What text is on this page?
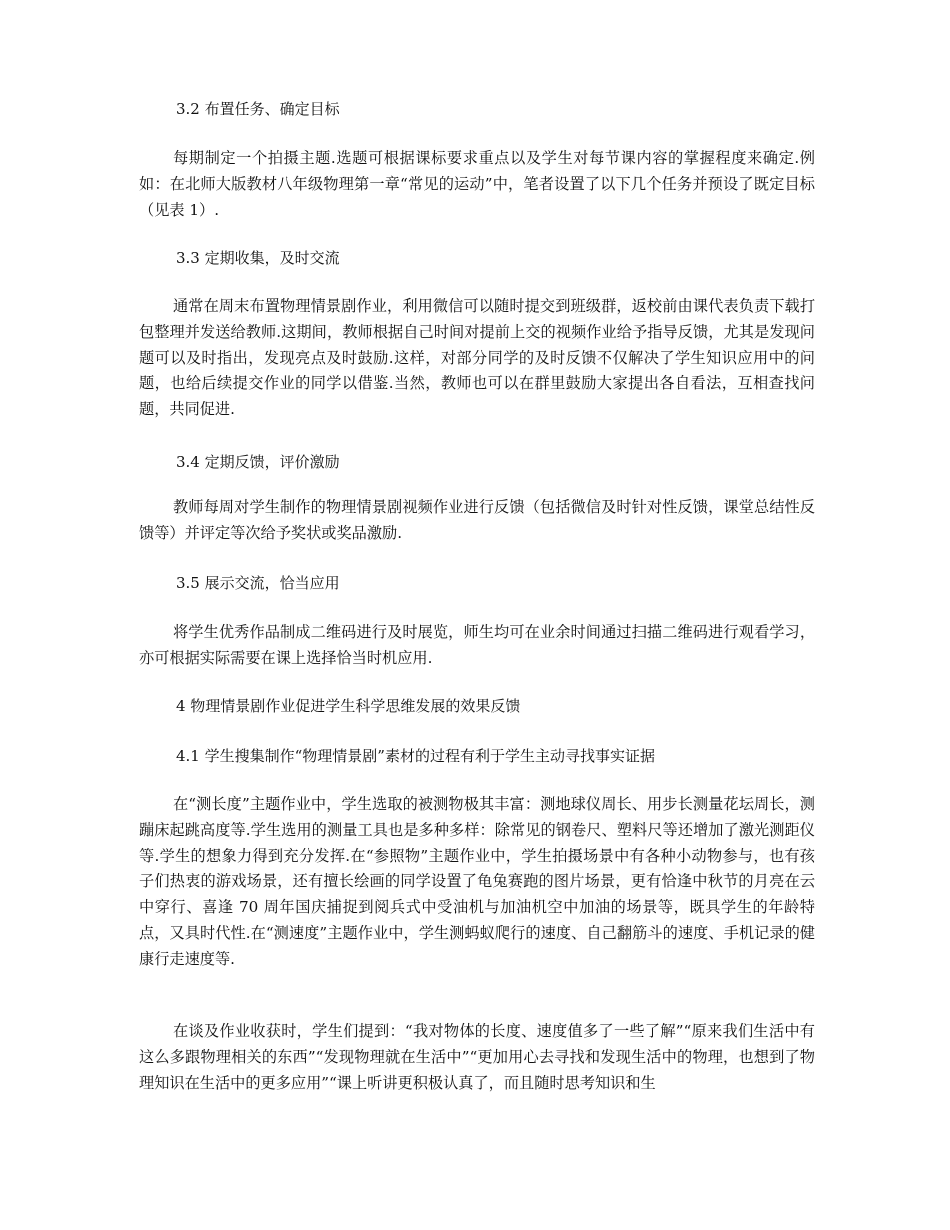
3.2 布置任务、确定目标

每期制定一个拍摄主题.选题可根据课标要求重点以及学生对每节课内容的掌握程度来确定.例如：在北师大版教材八年级物理第一章“常见的运动”中，笔者设置了以下几个任务并预设了既定目标（见表 1）.

3.3 定期收集，及时交流

通常在周末布置物理情景剧作业，利用微信可以随时提交到班级群，返校前由课代表负责下载打包整理并发送给教师.这期间，教师根据自己时间对提前上交的视频作业给予指导反馈，尤其是发现问题可以及时指出，发现亮点及时鼓励.这样，对部分同学的及时反馈不仅解决了学生知识应用中的问题，也给后续提交作业的同学以借鉴.当然，教师也可以在群里鼓励大家提出各自看法，互相查找问题，共同促进.

3.4 定期反馈，评价激励

教师每周对学生制作的物理情景剧视频作业进行反馈（包括微信及时针对性反馈，课堂总结性反馈等）并评定等次给予奖状或奖品激励.

3.5 展示交流，恰当应用

将学生优秀作品制成二维码进行及时展览，师生均可在业余时间通过扫描二维码进行观看学习，亦可根据实际需要在课上选择恰当时机应用.

4 物理情景剧作业促进学生科学思维发展的效果反馈
4.1 学生搜集制作“物理情景剧”素材的过程有利于学生主动寻找事实证据

在“测长度”主题作业中，学生选取的被测物极其丰富：测地球仪周长、用步长测量花坛周长，测蹦床起跳高度等.学生选用的测量工具也是多种多样：除常见的钢卷尺、塑料尺等还增加了激光测距仪等.学生的想象力得到充分发挥.在“参照物”主题作业中，学生拍摄场景中有各种小动物参与，也有孩子们热衷的游戏场景，还有擅长绘画的同学设置了龟兔赛跑的图片场景，更有恰逢中秋节的月亮在云中穿行、喜逢 70 周年国庆捕捉到阅兵式中受油机与加油机空中加油的场景等，既具学生的年龄特点，又具时代性.在“测速度”主题作业中，学生测蚂蚁爬行的速度、自己翻筋斗的速度、手机记录的健康行走速度等.

在谈及作业收获时，学生们提到：“我对物体的长度、速度值多了一些了解”“原来我们生活中有这么多跟物理相关的东西”“发现物理就在生活中”“更加用心去寻找和发现生活中的物理，也想到了物理知识在生活中的更多应用”“课上听讲更积极认真了，而且随时思考知识和生
